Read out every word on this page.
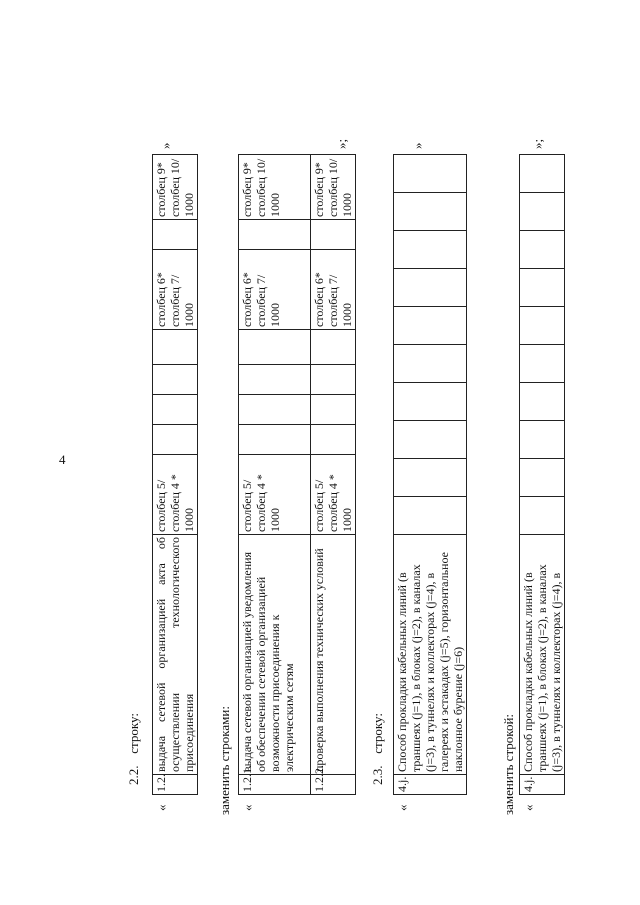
4
2.2. строку:
«
1.2.	выдача сетевой организацией акта об осуществлении технологического присоединения	столбец 5/ столбец 4 * 1000					столбец 6* столбец 7/ 1000		столбец 9* столбец 10/ 1000
»
заменить строками: «
1.2.1.	выдача сетевой организацией уведомления об обеспечении сетевой организацией возможности присоединения к электрическим сетям	столбец 5/ столбец 4 * 1000					столбец 6* столбец 7/ 1000		столбец 9* столбец 10/ 1000
1.2.2.	проверка выполнения технических условий	столбец 5/ столбец 4 * 1000					столбец 6* столбец 7/ 1000		столбец 9* столбец 10/ 1000
»;
2.3. строку:
«
4.j.	Способ прокладки кабельных линий (в траншеях (j=1), в блоках (j=2), в каналах (j=3), в туннелях и коллекторах (j=4), в галереях и эстакадах (j=5), горизонтальное наклонное бурение (j=6)										
»
заменить строкой: «
4.j.	Способ прокладки кабельных линий (в траншеях (j=1), в блоках (j=2), в каналах (j=3), в туннелях и коллекторах (j=4), в										
»;
